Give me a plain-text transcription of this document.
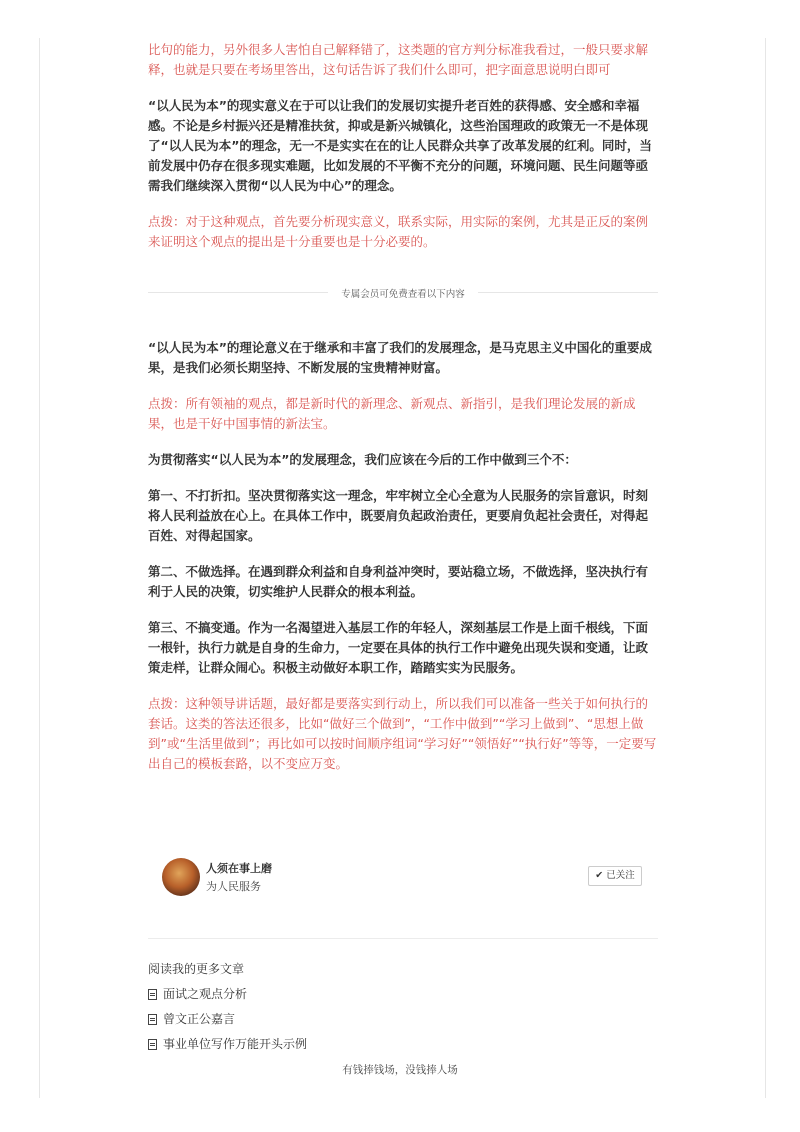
比句的能力，另外很多人害怕自己解释错了，这类题的官方判分标准我看过，一般只要求解释，也就是只要在考场里答出，这句话告诉了我们什么即可，把字面意思说明白即可

“以人民为本”的现实意义在于可以让我们的发展切实提升老百姓的获得感、安全感和幸福感。不论是乡村振兴还是精准扶贫，抑或是新兴城镇化，这些治国理政的政策无一不是体现了“以人民为本”的理念，无一不是实实在在的让人民群众共享了改革发展的红利。同时，当前发展中仍存在很多现实难题，比如发展的不平衡不充分的问题，环境问题、民生问题等亟需我们继续深入贯彻“以人民为中心”的理念。

点拨：对于这种观点，首先要分析现实意义，联系实际，用实际的案例，尤其是正反的案例来证明这个观点的提出是十分重要也是十分必要的。

专属会员可免费查看以下内容

“以人民为本”的理论意义在于继承和丰富了我们的发展理念，是马克思主义中国化的重要成果，是我们必须长期坚持、不断发展的宝贵精神财富。

点拨：所有领袖的观点，都是新时代的新理念、新观点、新指引，是我们理论发展的新成果，也是干好中国事情的新法宝。

为贯彻落实“以人民为本”的发展理念，我们应该在今后的工作中做到三个不：

第一、不打折扣。坚决贯彻落实这一理念，牢牢树立全心全意为人民服务的宗旨意识，时刻将人民利益放在心上。在具体工作中，既要肩负起政治责任，更要肩负起社会责任，对得起百姓、对得起国家。

第二、不做选择。在遇到群众利益和自身利益冲突时，要站稳立场，不做选择，坚决执行有利于人民的决策，切实维护人民群众的根本利益。

第三、不搞变通。作为一名渴望进入基层工作的年轻人，深刻基层工作是上面千根线，下面一根针，执行力就是自身的生命力，一定要在具体的执行工作中避免出现失误和变通，让政策走样，让群众闹心。积极主动做好本职工作，踏踏实实为民服务。

点拨：这种领导讲话题，最好都是要落实到行动上，所以我们可以准备一些关于如何执行的套话。这类的答法还很多，比如“做好三个做到”，“工作中做到”“学习上做到”、“思想上做到”或“生活里做到”；再比如可以按时间顺序组词“学习好”“领悟好”“执行好”等等，一定要写出自己的模板套路，以不变应万变。

人须在事上磨
为人民服务
✔ 已关注
阅读我的更多文章
面试之观点分析
曾文正公嘉言
事业单位写作万能开头示例
有钱捧钱场，没钱捧人场
